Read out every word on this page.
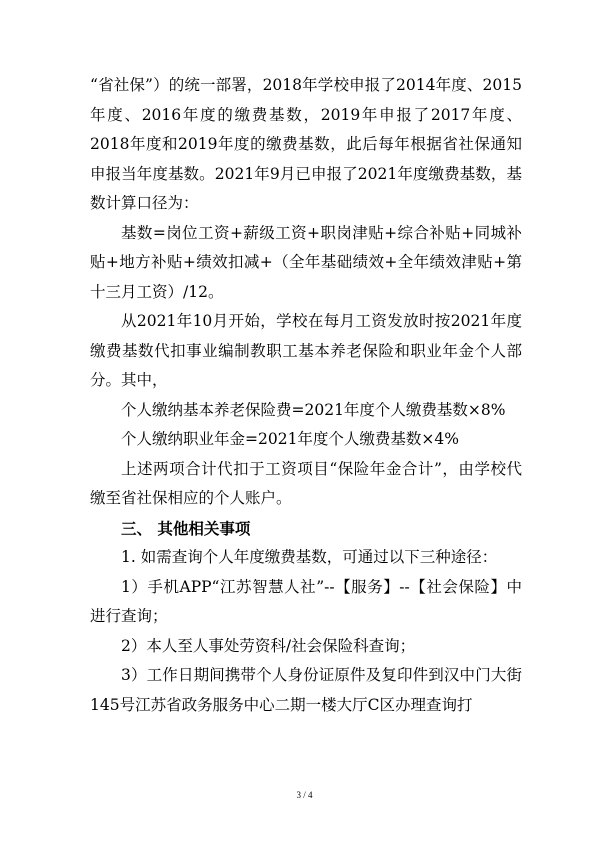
“省社保”）的统一部署，2018年学校申报了2014年度、2015年度、2016年度的缴费基数，2019年申报了2017年度、2018年度和2019年度的缴费基数，此后每年根据省社保通知申报当年度基数。2021年9月已申报了2021年度缴费基数，基数计算口径为：

基数=岗位工资+薪级工资+职岗津贴+综合补贴+同城补贴+地方补贴+绩效扣减+（全年基础绩效+全年绩效津贴+第十三月工资）/12。

从2021年10月开始，学校在每月工资发放时按2021年度缴费基数代扣事业编制教职工基本养老保险和职业年金个人部分。其中，

个人缴纳基本养老保险费=2021年度个人缴费基数×8%

个人缴纳职业年金=2021年度个人缴费基数×4%

上述两项合计代扣于工资项目“保险年金合计”，由学校代缴至省社保相应的个人账户。

三、 其他相关事项

1. 如需查询个人年度缴费基数，可通过以下三种途径：

1）手机APP“江苏智慧人社”--【服务】--【社会保险】中进行查询；

2）本人至人事处劳资科/社会保险科查询；

3）工作日期间携带个人身份证原件及复印件到汉中门大街145号江苏省政务服务中心二期一楼大厅C区办理查询打

3 / 4
